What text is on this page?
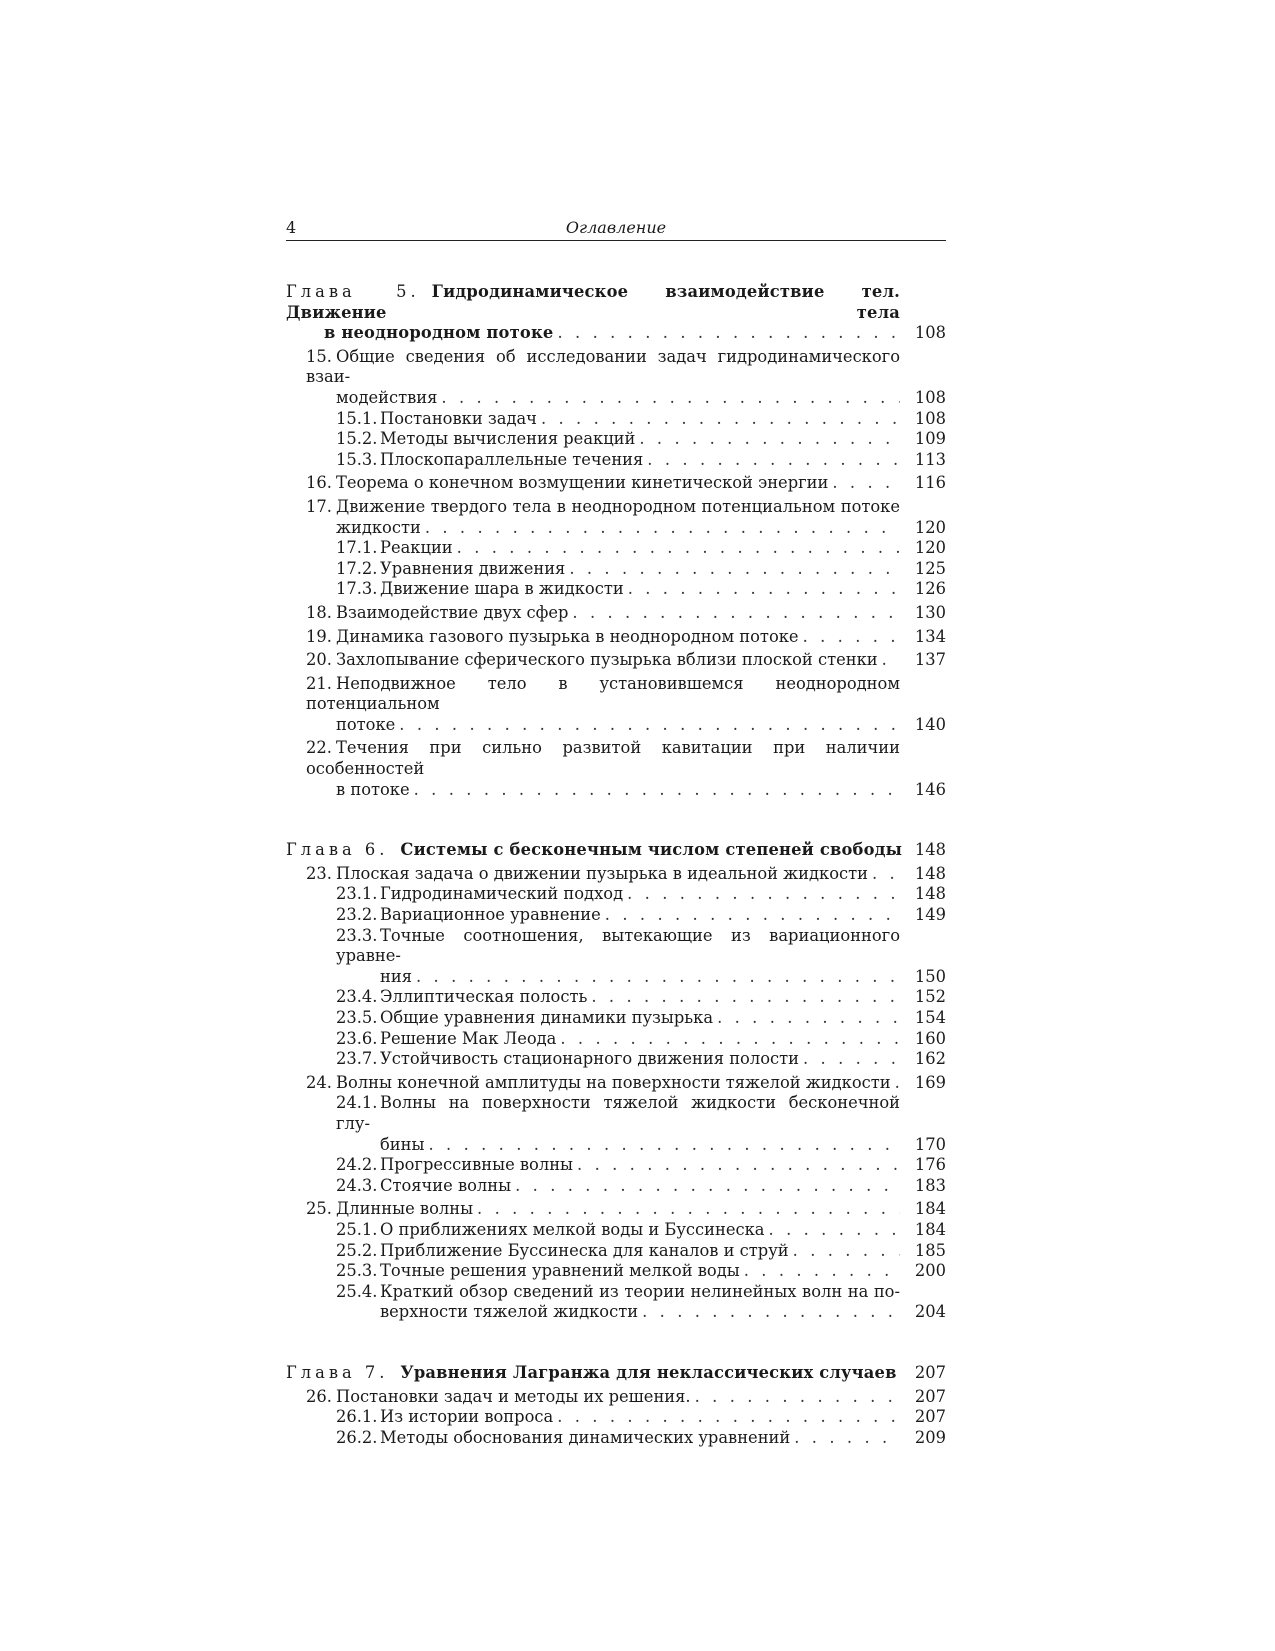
4	Оглавление
Глава 5. Гидродинамическое взаимодействие тел. Движение тела
в неоднородном потоке . . .	108
15. Общие сведения об исследовании задач гидродинамического взаи-
модействия . . .	108
15.1. Постановки задач . . .	108
15.2. Методы вычисления реакций . . .	109
15.3. Плоскопараллельные течения . . .	113
16. Теорема о конечном возмущении кинетической энергии . . .	116
17. Движение твердого тела в неоднородном потенциальном потоке
жидкости . . .	120
17.1. Реакции . . .	120
17.2. Уравнения движения . . .	125
17.3. Движение шара в жидкости . . .	126
18. Взаимодействие двух сфер . . .	130
19. Динамика газового пузырька в неоднородном потоке . . .	134
20. Захлопывание сферического пузырька вблизи плоской стенки . . .	137
21. Неподвижное тело в установившемся неоднородном потенциальном
потоке . . .	140
22. Течения при сильно развитой кавитации при наличии особенностей
в потоке . . .	146
Глава 6. Системы с бесконечным числом степеней свободы 148
23. Плоская задача о движении пузырька в идеальной жидкости . . .	148
23.1. Гидродинамический подход . . .	148
23.2. Вариационное уравнение . . .	149
23.3. Точные соотношения, вытекающие из вариационного уравне-
ния . . .	150
23.4. Эллиптическая полость . . .	152
23.5. Общие уравнения динамики пузырька . . .	154
23.6. Решение Мак Леода . . .	160
23.7. Устойчивость стационарного движения полости . . .	162
24. Волны конечной амплитуды на поверхности тяжелой жидкости . . .	169
24.1. Волны на поверхности тяжелой жидкости бесконечной глу-
бины . . .	170
24.2. Прогрессивные волны . . .	176
24.3. Стоячие волны . . .	183
25. Длинные волны . . .	184
25.1. О приближениях мелкой воды и Буссинеска . . .	184
25.2. Приближение Буссинеска для каналов и струй . . .	185
25.3. Точные решения уравнений мелкой воды . . .	200
25.4. Краткий обзор сведений из теории нелинейных волн на по-
верхности тяжелой жидкости . . .	204
Глава 7. Уравнения Лагранжа для неклассических случаев	207
26. Постановки задач и методы их решения. . . .	207
26.1. Из истории вопроса . . .	207
26.2. Методы обоснования динамических уравнений . . .	209
